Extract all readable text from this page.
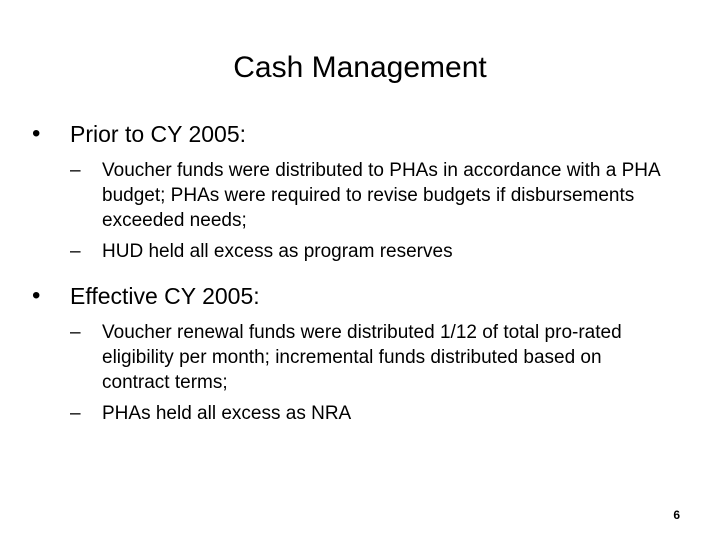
Cash Management
• Prior to CY 2005:
– Voucher funds were distributed to PHAs in accordance with a PHA budget; PHAs were required to revise budgets if disbursements exceeded needs;
– HUD held all excess as program reserves
• Effective CY 2005:
– Voucher renewal funds were distributed 1/12 of total pro-rated eligibility per month; incremental funds distributed based on contract terms;
– PHAs held all excess as NRA
6
